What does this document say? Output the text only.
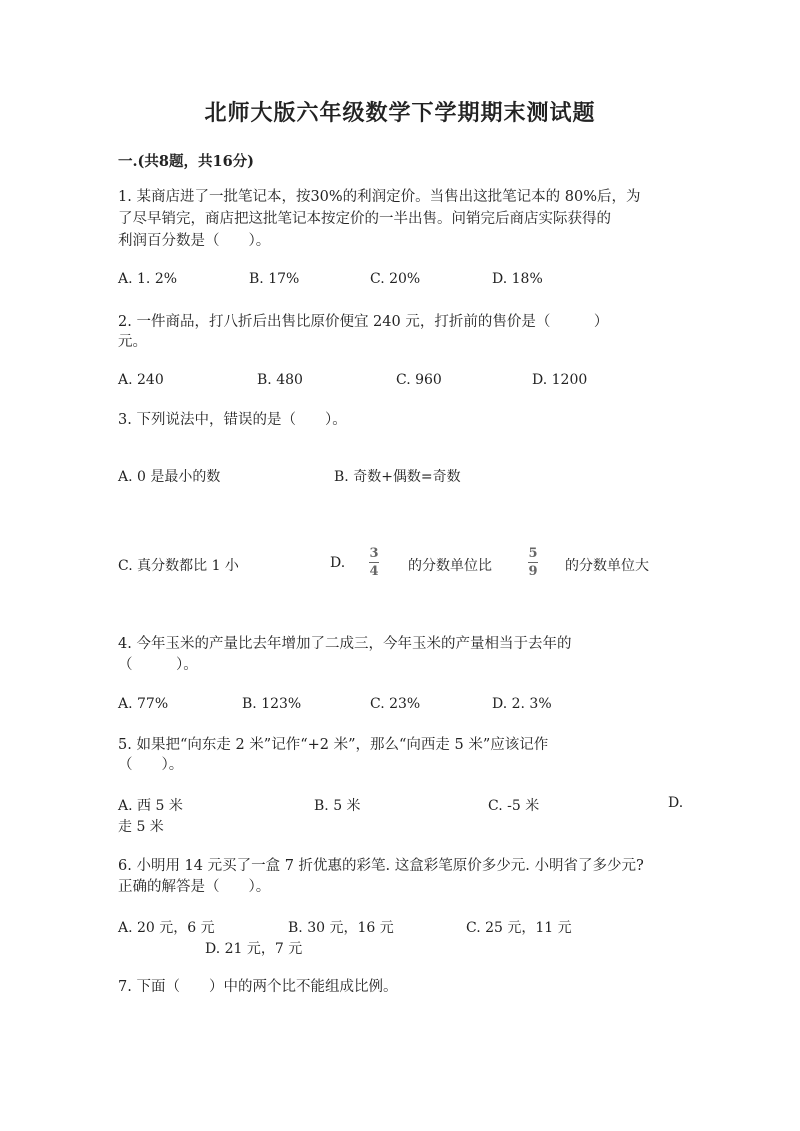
北师大版六年级数学下学期期末测试题
一.(共8题，共16分)
1. 某商店进了一批笔记本，按30%的利润定价。当售出这批笔记本的 80%后，为
了尽早销完，商店把这批笔记本按定价的一半出售。问销完后商店实际获得的
利润百分数是（　　）。
A. 1. 2%	B. 17%	C. 20%	D. 18%
2. 一件商品，打八折后出售比原价便宜 240 元，打折前的售价是（　　　）
元。
A. 240	B. 480	C. 960	D. 1200
3. 下列说法中，错误的是（　　）。
A. 0 是最小的数	B. 奇数+偶数=奇数
C. 真分数都比 1 小	D.
3
4 的分数单位比
5
9 的分数单位大
4. 今年玉米的产量比去年增加了二成三，今年玉米的产量相当于去年的
（　　　）。
A. 77%	B. 123%	C. 23%	D. 2. 3%
5. 如果把“向东走 2 米”记作“+2 米”，那么“向西走 5 米”应该记作
（　　）。
A. 西 5 米	B. 5 米	C. -5 米	D.
走 5 米
6. 小明用 14 元买了一盒 7 折优惠的彩笔. 这盒彩笔原价多少元. 小明省了多少元?
正确的解答是（　　）。
A. 20 元，6 元	B. 30 元，16 元	C. 25 元，11 元
D. 21 元，7 元
7. 下面（　　）中的两个比不能组成比例。
